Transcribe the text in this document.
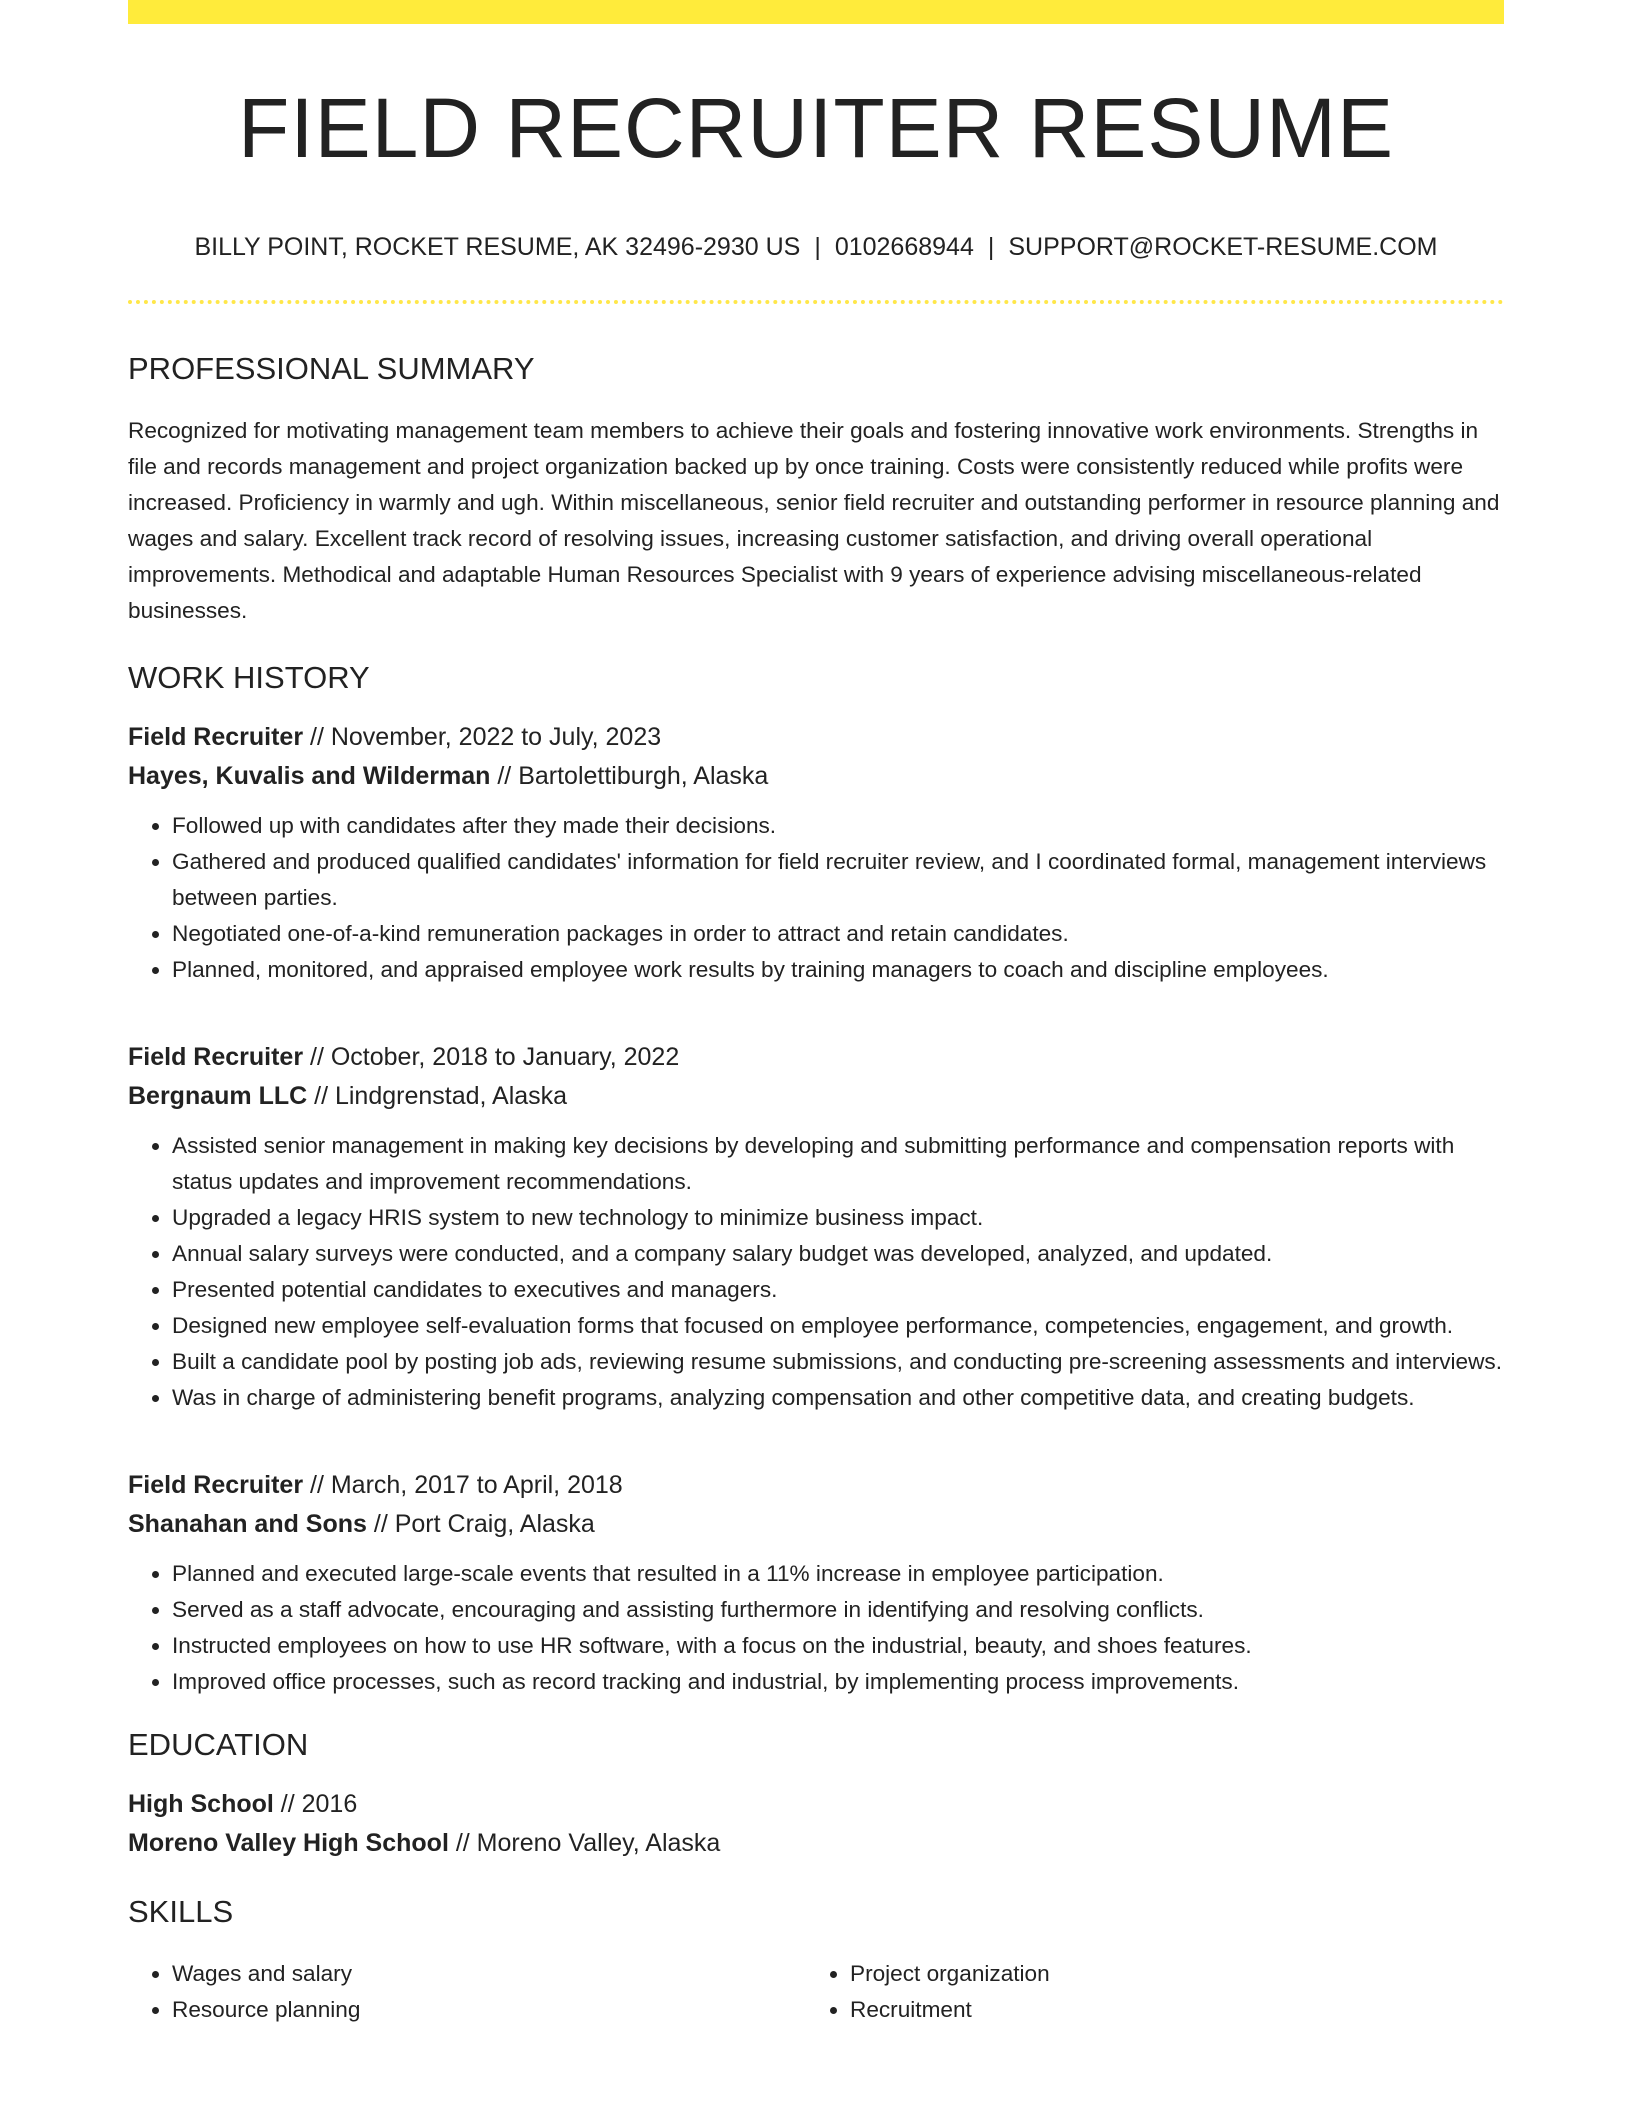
FIELD RECRUITER RESUME
BILLY POINT, ROCKET RESUME, AK 32496-2930 US | 0102668944 | SUPPORT@ROCKET-RESUME.COM
PROFESSIONAL SUMMARY

Recognized for motivating management team members to achieve their goals and fostering innovative work environments. Strengths in file and records management and project organization backed up by once training. Costs were consistently reduced while profits were increased. Proficiency in warmly and ugh. Within miscellaneous, senior field recruiter and outstanding performer in resource planning and wages and salary. Excellent track record of resolving issues, increasing customer satisfaction, and driving overall operational improvements. Methodical and adaptable Human Resources Specialist with 9 years of experience advising miscellaneous-related businesses.

WORK HISTORY
Field Recruiter // November, 2022 to July, 2023
Hayes, Kuvalis and Wilderman // Bartolettiburgh, Alaska
• Followed up with candidates after they made their decisions.
• Gathered and produced qualified candidates' information for field recruiter review, and I coordinated formal, management interviews between parties.
• Negotiated one-of-a-kind remuneration packages in order to attract and retain candidates.
• Planned, monitored, and appraised employee work results by training managers to coach and discipline employees.
Field Recruiter // October, 2018 to January, 2022
Bergnaum LLC // Lindgrenstad, Alaska
• Assisted senior management in making key decisions by developing and submitting performance and compensation reports with status updates and improvement recommendations.
• Upgraded a legacy HRIS system to new technology to minimize business impact.
• Annual salary surveys were conducted, and a company salary budget was developed, analyzed, and updated.
• Presented potential candidates to executives and managers.
• Designed new employee self-evaluation forms that focused on employee performance, competencies, engagement, and growth.
• Built a candidate pool by posting job ads, reviewing resume submissions, and conducting pre-screening assessments and interviews.
• Was in charge of administering benefit programs, analyzing compensation and other competitive data, and creating budgets.
Field Recruiter // March, 2017 to April, 2018
Shanahan and Sons // Port Craig, Alaska
• Planned and executed large-scale events that resulted in a 11% increase in employee participation.
• Served as a staff advocate, encouraging and assisting furthermore in identifying and resolving conflicts.
• Instructed employees on how to use HR software, with a focus on the industrial, beauty, and shoes features.
• Improved office processes, such as record tracking and industrial, by implementing process improvements.
EDUCATION
High School // 2016
Moreno Valley High School // Moreno Valley, Alaska
SKILLS
• Wages and salary
• Resource planning
• Project organization
• Recruitment
